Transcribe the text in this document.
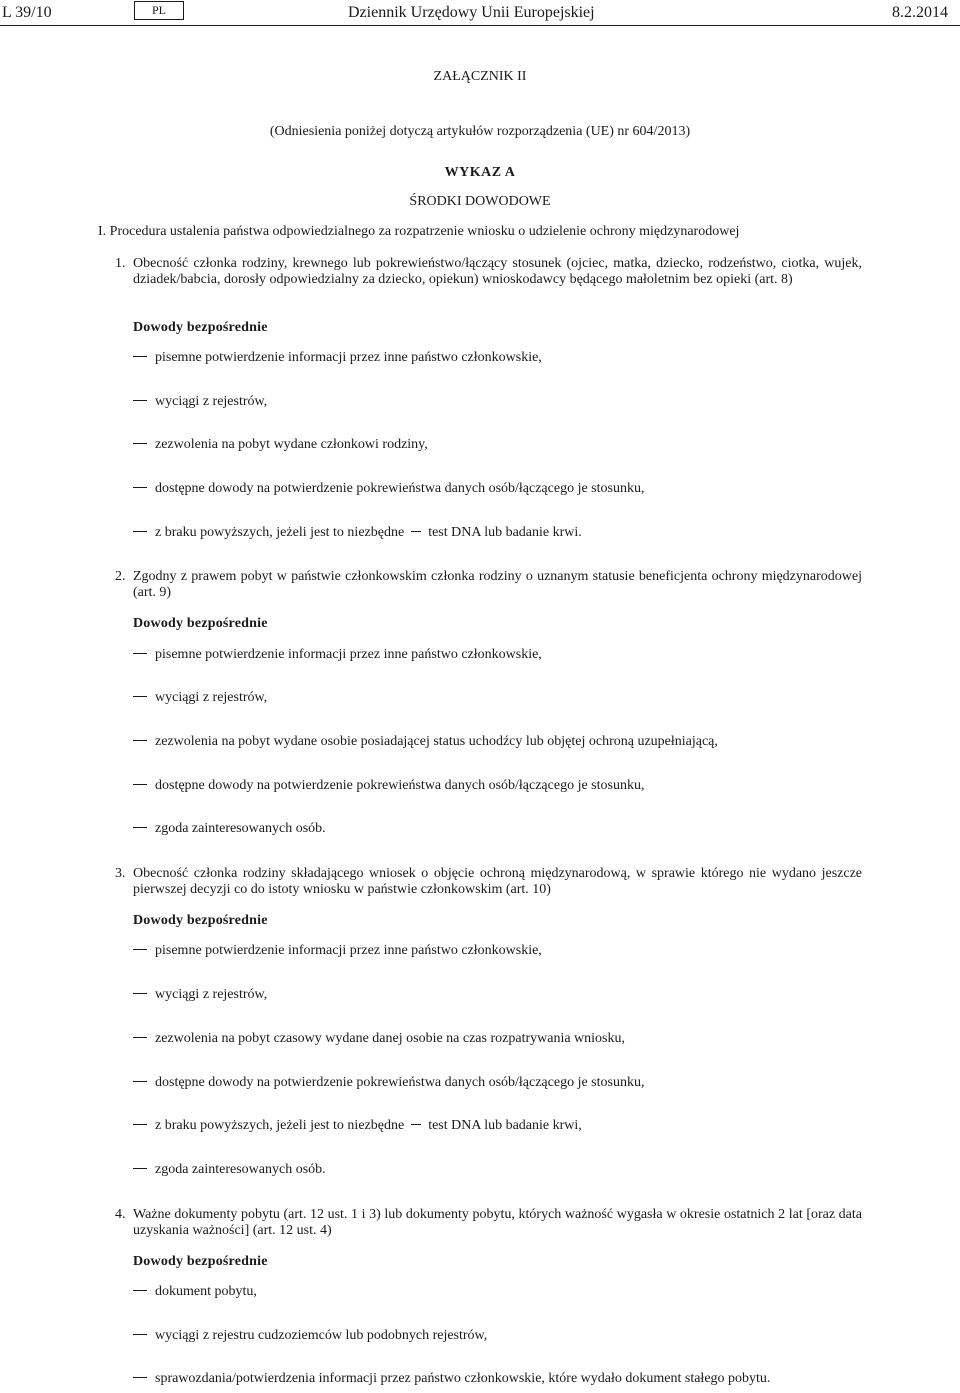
L 39/10	PL	Dziennik Urzędowy Unii Europejskiej	8.2.2014
ZAŁĄCZNIK II
(Odniesienia poniżej dotyczą artykułów rozporządzenia (UE) nr 604/2013)
WYKAZ A
ŚRODKI DOWODOWE
I. Procedura ustalenia państwa odpowiedzialnego za rozpatrzenie wniosku o udzielenie ochrony międzynarodowej
1. Obecność członka rodziny, krewnego lub pokrewieństwo/łączący stosunek (ojciec, matka, dziecko, rodzeństwo, ciotka, wujek, dziadek/babcia, dorosły odpowiedzialny za dziecko, opiekun) wnioskodawcy będącego małoletnim bez opieki (art. 8)
Dowody bezpośrednie
pisemne potwierdzenie informacji przez inne państwo członkowskie,
wyciągi z rejestrów,
zezwolenia na pobyt wydane członkowi rodziny,
dostępne dowody na potwierdzenie pokrewieństwa danych osób/łączącego je stosunku,
z braku powyższych, jeżeli jest to niezbędne test DNA lub badanie krwi.
2. Zgodny z prawem pobyt w państwie członkowskim członka rodziny o uznanym statusie beneficjenta ochrony międzynarodowej (art. 9)
Dowody bezpośrednie
pisemne potwierdzenie informacji przez inne państwo członkowskie,
wyciągi z rejestrów,
zezwolenia na pobyt wydane osobie posiadającej status uchodźcy lub objętej ochroną uzupełniającą,
dostępne dowody na potwierdzenie pokrewieństwa danych osób/łączącego je stosunku,
zgoda zainteresowanych osób.
3. Obecność członka rodziny składającego wniosek o objęcie ochroną międzynarodową, w sprawie którego nie wydano jeszcze pierwszej decyzji co do istoty wniosku w państwie członkowskim (art. 10)
Dowody bezpośrednie
pisemne potwierdzenie informacji przez inne państwo członkowskie,
wyciągi z rejestrów,
zezwolenia na pobyt czasowy wydane danej osobie na czas rozpatrywania wniosku,
dostępne dowody na potwierdzenie pokrewieństwa danych osób/łączącego je stosunku,
z braku powyższych, jeżeli jest to niezbędne test DNA lub badanie krwi,
zgoda zainteresowanych osób.
4. Ważne dokumenty pobytu (art. 12 ust. 1 i 3) lub dokumenty pobytu, których ważność wygasła w okresie ostatnich 2 lat [oraz data uzyskania ważności] (art. 12 ust. 4)
Dowody bezpośrednie
dokument pobytu,
wyciągi z rejestru cudzoziemców lub podobnych rejestrów,
sprawozdania/potwierdzenia informacji przez państwo członkowskie, które wydało dokument stałego pobytu.
